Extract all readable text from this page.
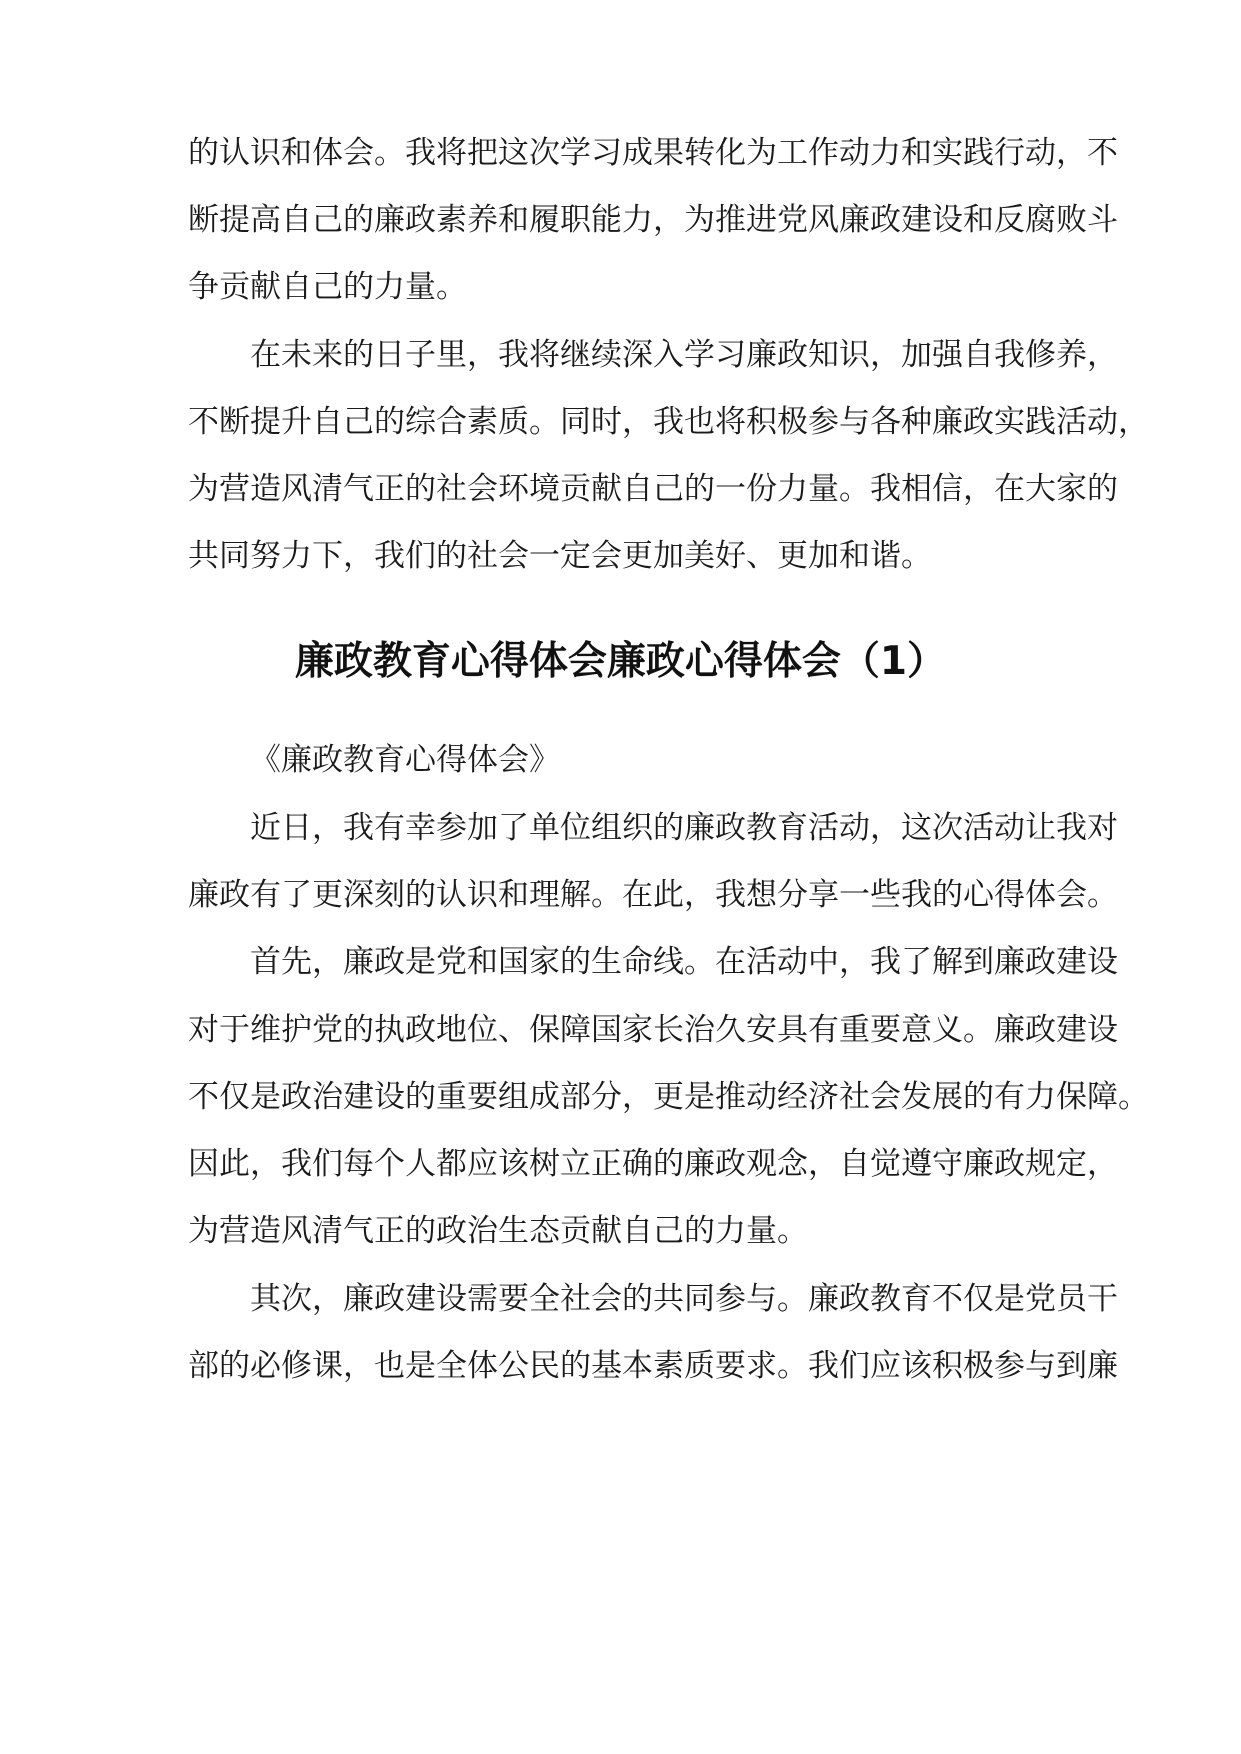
的认识和体会。我将把这次学习成果转化为工作动力和实践行动，不
断提高自己的廉政素养和履职能力，为推进党风廉政建设和反腐败斗
争贡献自己的力量。
在未来的日子里，我将继续深入学习廉政知识，加强自我修养，
不断提升自己的综合素质。同时，我也将积极参与各种廉政实践活动，
为营造风清气正的社会环境贡献自己的一份力量。我相信，在大家的
共同努力下，我们的社会一定会更加美好、更加和谐。
廉政教育心得体会廉政心得体会（1）
《廉政教育心得体会》
近日，我有幸参加了单位组织的廉政教育活动，这次活动让我对
廉政有了更深刻的认识和理解。在此，我想分享一些我的心得体会。
首先，廉政是党和国家的生命线。在活动中，我了解到廉政建设
对于维护党的执政地位、保障国家长治久安具有重要意义。廉政建设
不仅是政治建设的重要组成部分，更是推动经济社会发展的有力保障。
因此，我们每个人都应该树立正确的廉政观念，自觉遵守廉政规定，
为营造风清气正的政治生态贡献自己的力量。
其次，廉政建设需要全社会的共同参与。廉政教育不仅是党员干
部的必修课，也是全体公民的基本素质要求。我们应该积极参与到廉
